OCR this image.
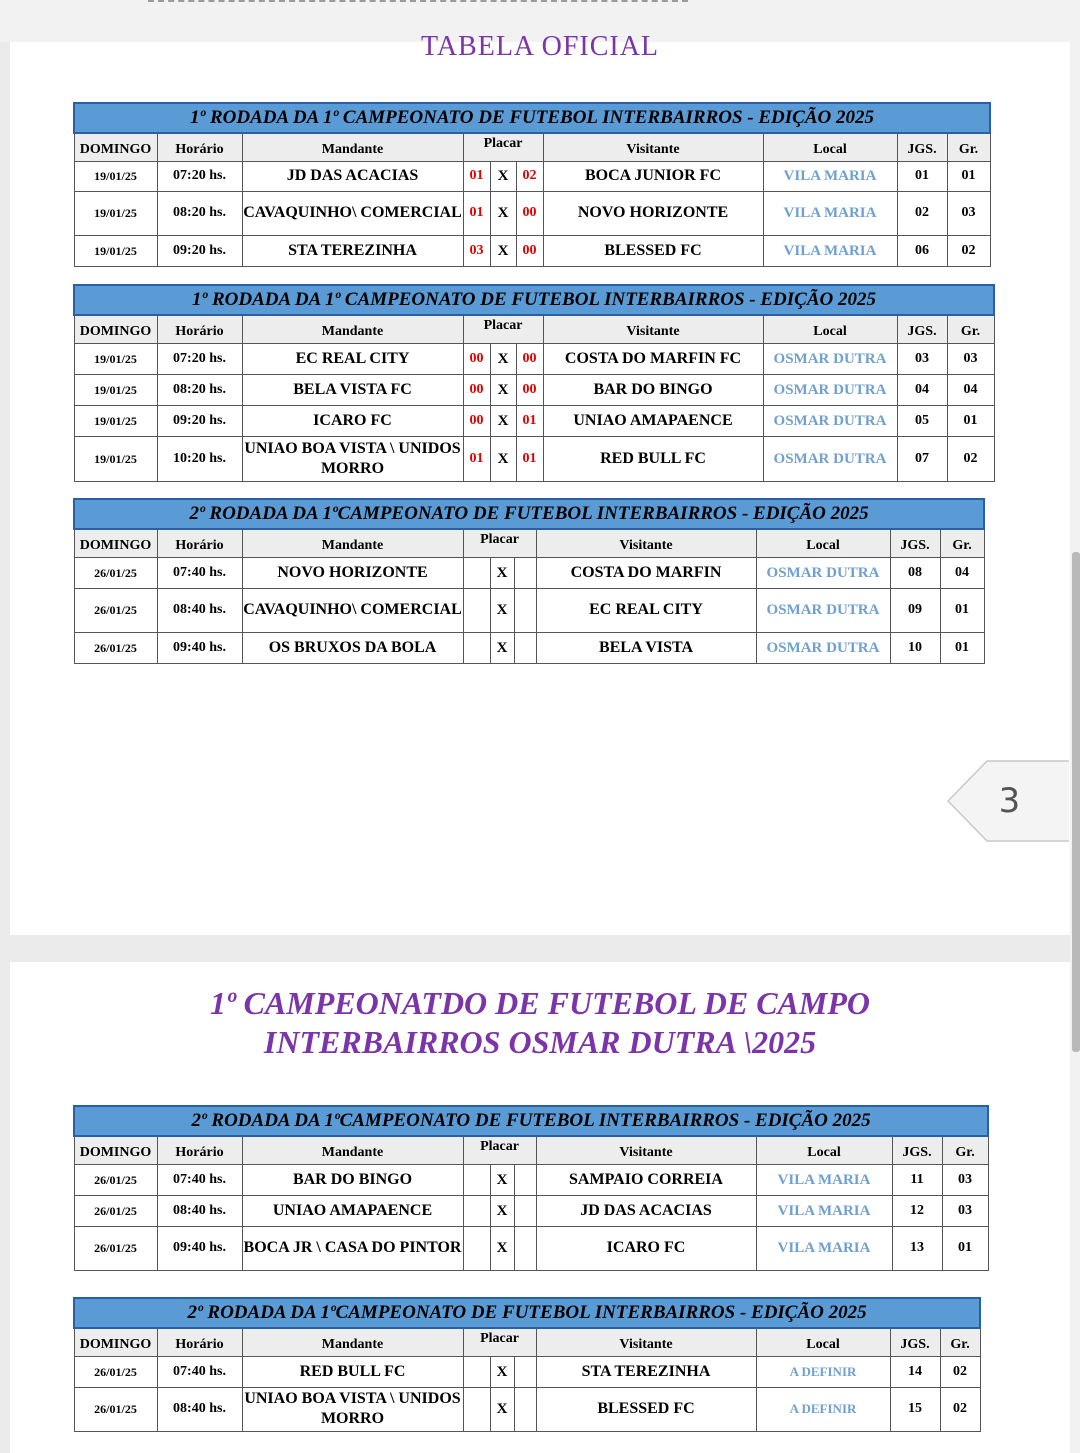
TABELA OFICIAL
1º CAMPEONATDO DE FUTEBOL DE CAMPO
INTERBAIRROS OSMAR DUTRA \2025
3
1º RODADA DA 1º CAMPEONATO DE FUTEBOL INTERBAIRROS - EDIÇÃO 2025									
DOMINGO	Horário	Mandante	Placar			Visitante	Local	JGS.	Gr.
19/01/25	07:20 hs.	JD DAS ACACIAS	01	X	02	BOCA JUNIOR FC	VILA MARIA	01	01
19/01/25	08:20 hs.	CAVAQUINHO\ COMERCIAL	01	X	00	NOVO HORIZONTE	VILA MARIA	02	03
19/01/25	09:20 hs.	STA TEREZINHA	03	X	00	BLESSED FC	VILA MARIA	06	02
1º RODADA DA 1º CAMPEONATO DE FUTEBOL INTERBAIRROS - EDIÇÃO 2025									
DOMINGO	Horário	Mandante	Placar			Visitante	Local	JGS.	Gr.
19/01/25	07:20 hs.	EC REAL CITY	00	X	00	COSTA DO MARFIN FC	OSMAR DUTRA	03	03
19/01/25	08:20 hs.	BELA VISTA FC	00	X	00	BAR DO BINGO	OSMAR DUTRA	04	04
19/01/25	09:20 hs.	ICARO FC	00	X	01	UNIAO AMAPAENCE	OSMAR DUTRA	05	01
19/01/25	10:20 hs.	UNIAO BOA VISTA \ UNIDOS MORRO	01	X	01	RED BULL FC	OSMAR DUTRA	07	02
2º RODADA DA 1ºCAMPEONATO DE FUTEBOL INTERBAIRROS - EDIÇÃO 2025									
DOMINGO	Horário	Mandante	Placar			Visitante	Local	JGS.	Gr.
26/01/25	07:40 hs.	NOVO HORIZONTE		X		COSTA DO MARFIN	OSMAR DUTRA	08	04
26/01/25	08:40 hs.	CAVAQUINHO\ COMERCIAL		X		EC REAL CITY	OSMAR DUTRA	09	01
26/01/25	09:40 hs.	OS BRUXOS DA BOLA		X		BELA VISTA	OSMAR DUTRA	10	01
2º RODADA DA 1ºCAMPEONATO DE FUTEBOL INTERBAIRROS - EDIÇÃO 2025									
DOMINGO	Horário	Mandante	Placar			Visitante	Local	JGS.	Gr.
26/01/25	07:40 hs.	BAR DO BINGO		X		SAMPAIO CORREIA	VILA MARIA	11	03
26/01/25	08:40 hs.	UNIAO AMAPAENCE		X		JD DAS ACACIAS	VILA MARIA	12	03
26/01/25	09:40 hs.	BOCA JR \ CASA DO PINTOR		X		ICARO FC	VILA MARIA	13	01
2º RODADA DA 1ºCAMPEONATO DE FUTEBOL INTERBAIRROS - EDIÇÃO 2025									
DOMINGO	Horário	Mandante	Placar			Visitante	Local	JGS.	Gr.
26/01/25	07:40 hs.	RED BULL FC		X		STA TEREZINHA	A DEFINIR	14	02
26/01/25	08:40 hs.	UNIAO BOA VISTA \ UNIDOS MORRO		X		BLESSED FC	A DEFINIR	15	02
